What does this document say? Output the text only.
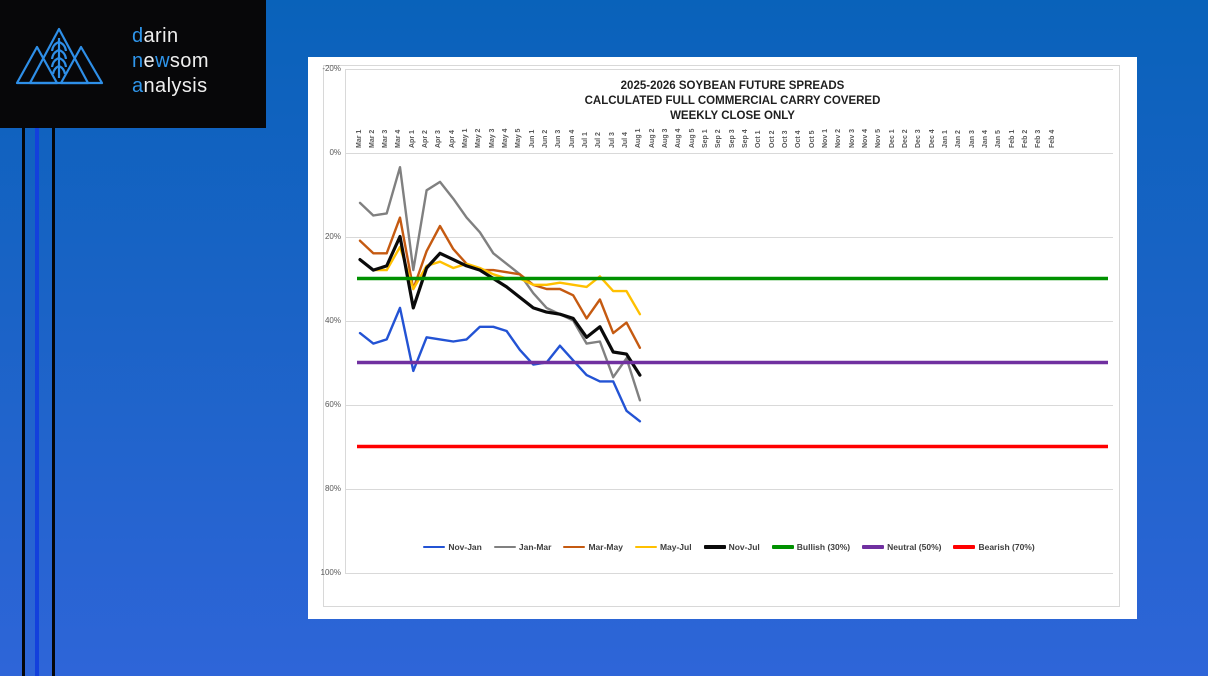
darin
newsom
analysis	2025-2026 SOYBEAN FUTURE SPREADS
CALCULATED FULL COMMERCIAL CARRY COVERED
WEEKLY CLOSE ONLY
-20%
0%
20%
40%
60%
80%
100%
Mar 1 Mar 2 Mar 3 Mar 4 Apr 1 Apr 2 Apr 3 Apr 4 May 1 May 2 May 3 May 4 May 5 Jun 1 Jun 2 Jun 3 Jun 4 Jul 1 Jul 2 Jul 3 Jul 4 Aug 1 Aug 2 Aug 3 Aug 4 Aug 5 Sep 1 Sep 2 Sep 3 Sep 4 Oct 1 Oct 2 Oct 3 Oct 4 Oct 5 Nov 1 Nov 2 Nov 3 Nov 4 Nov 5 Dec 1 Dec 2 Dec 3 Dec 4 Jan 1 Jan 2 Jan 3 Jan 4 Jan 5 Feb 1 Feb 2 Feb 3 Feb 4
Nov-Jan	Jan-Mar	Mar-May	May-Jul	Nov-Jul	Bullish (30%)	Neutral (50%)	Bearish (70%)
